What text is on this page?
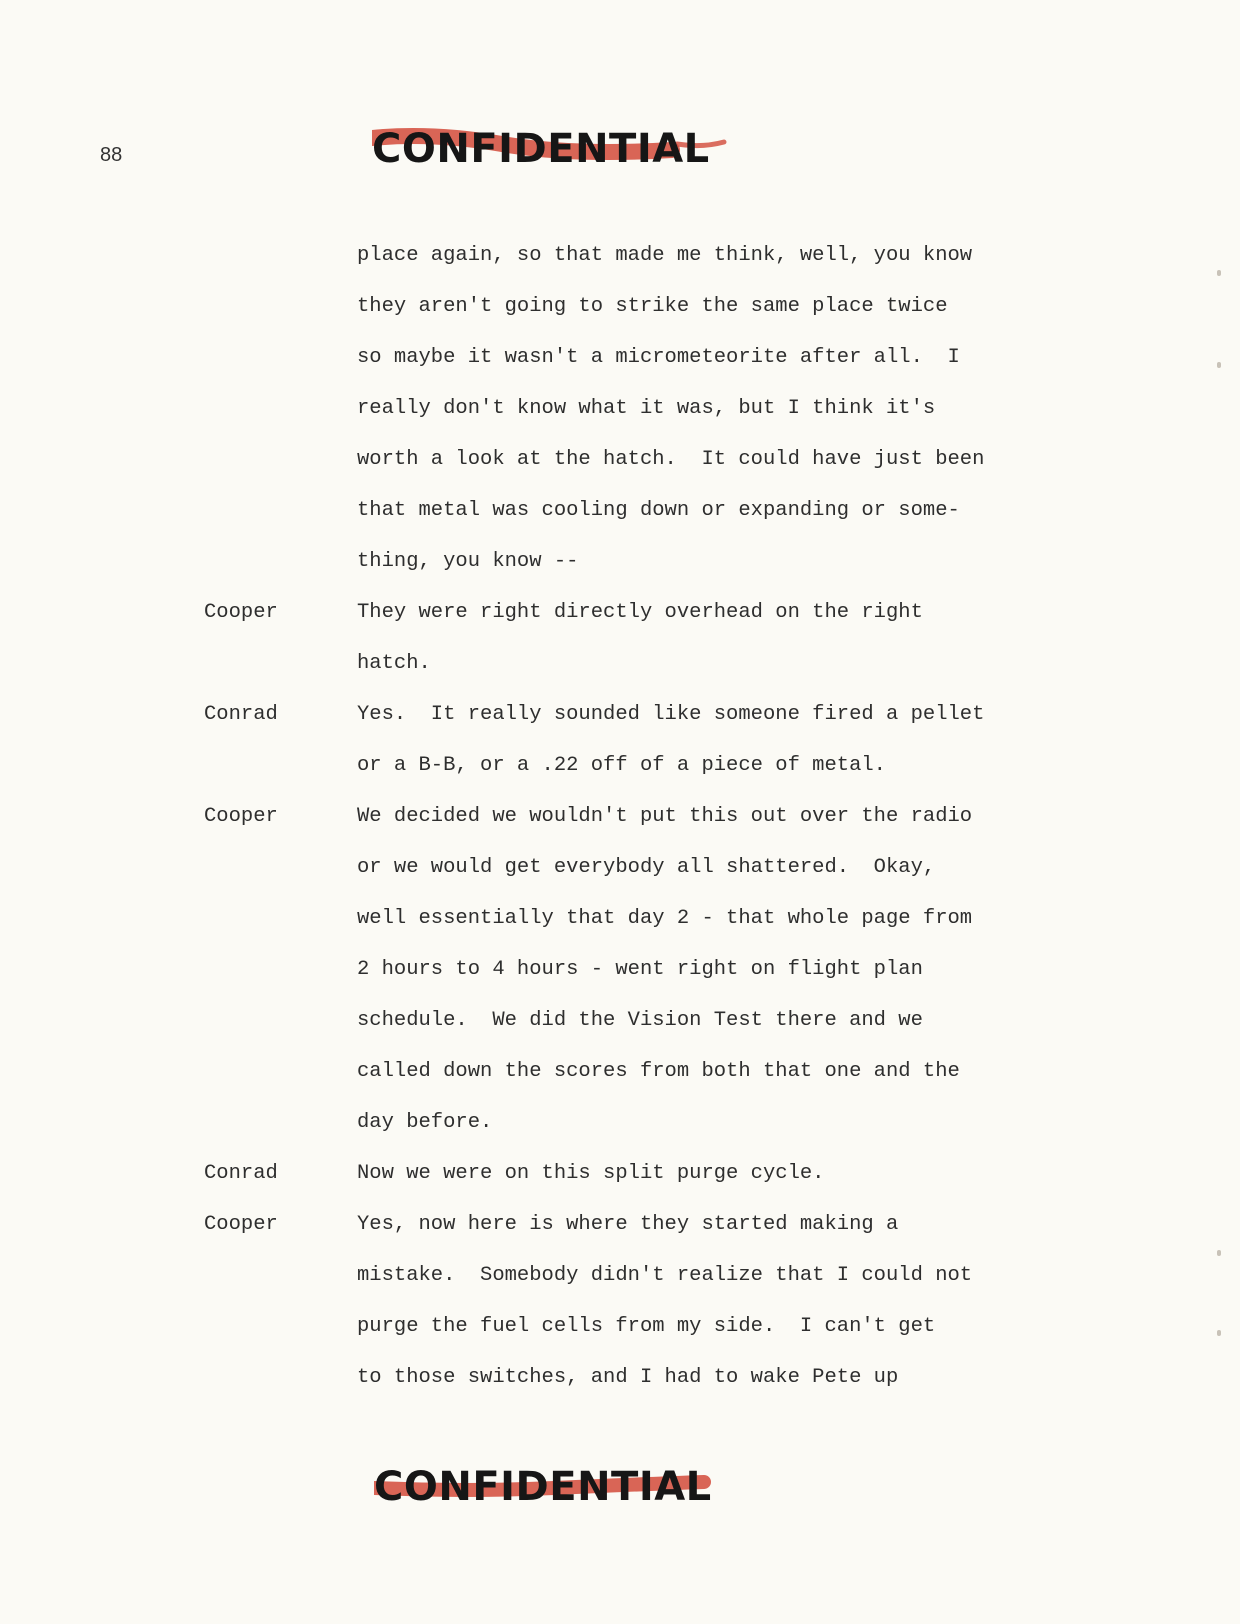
88	CONFIDENTIAL
place again, so that made me think, well, you know
they aren't going to strike the same place twice
so maybe it wasn't a micrometeorite after all.  I
really don't know what it was, but I think it's
worth a look at the hatch.  It could have just been
that metal was cooling down or expanding or some-
thing, you know --
Cooper	They were right directly overhead on the right
hatch.
Conrad	Yes.  It really sounded like someone fired a pellet
or a B-B, or a .22 off of a piece of metal.
Cooper	We decided we wouldn't put this out over the radio
or we would get everybody all shattered.  Okay,
well essentially that day 2 - that whole page from
2 hours to 4 hours - went right on flight plan
schedule.  We did the Vision Test there and we
called down the scores from both that one and the
day before.
Conrad	Now we were on this split purge cycle.
Cooper	Yes, now here is where they started making a
mistake.  Somebody didn't realize that I could not
purge the fuel cells from my side.  I can't get
to those switches, and I had to wake Pete up
CONFIDENTIAL
